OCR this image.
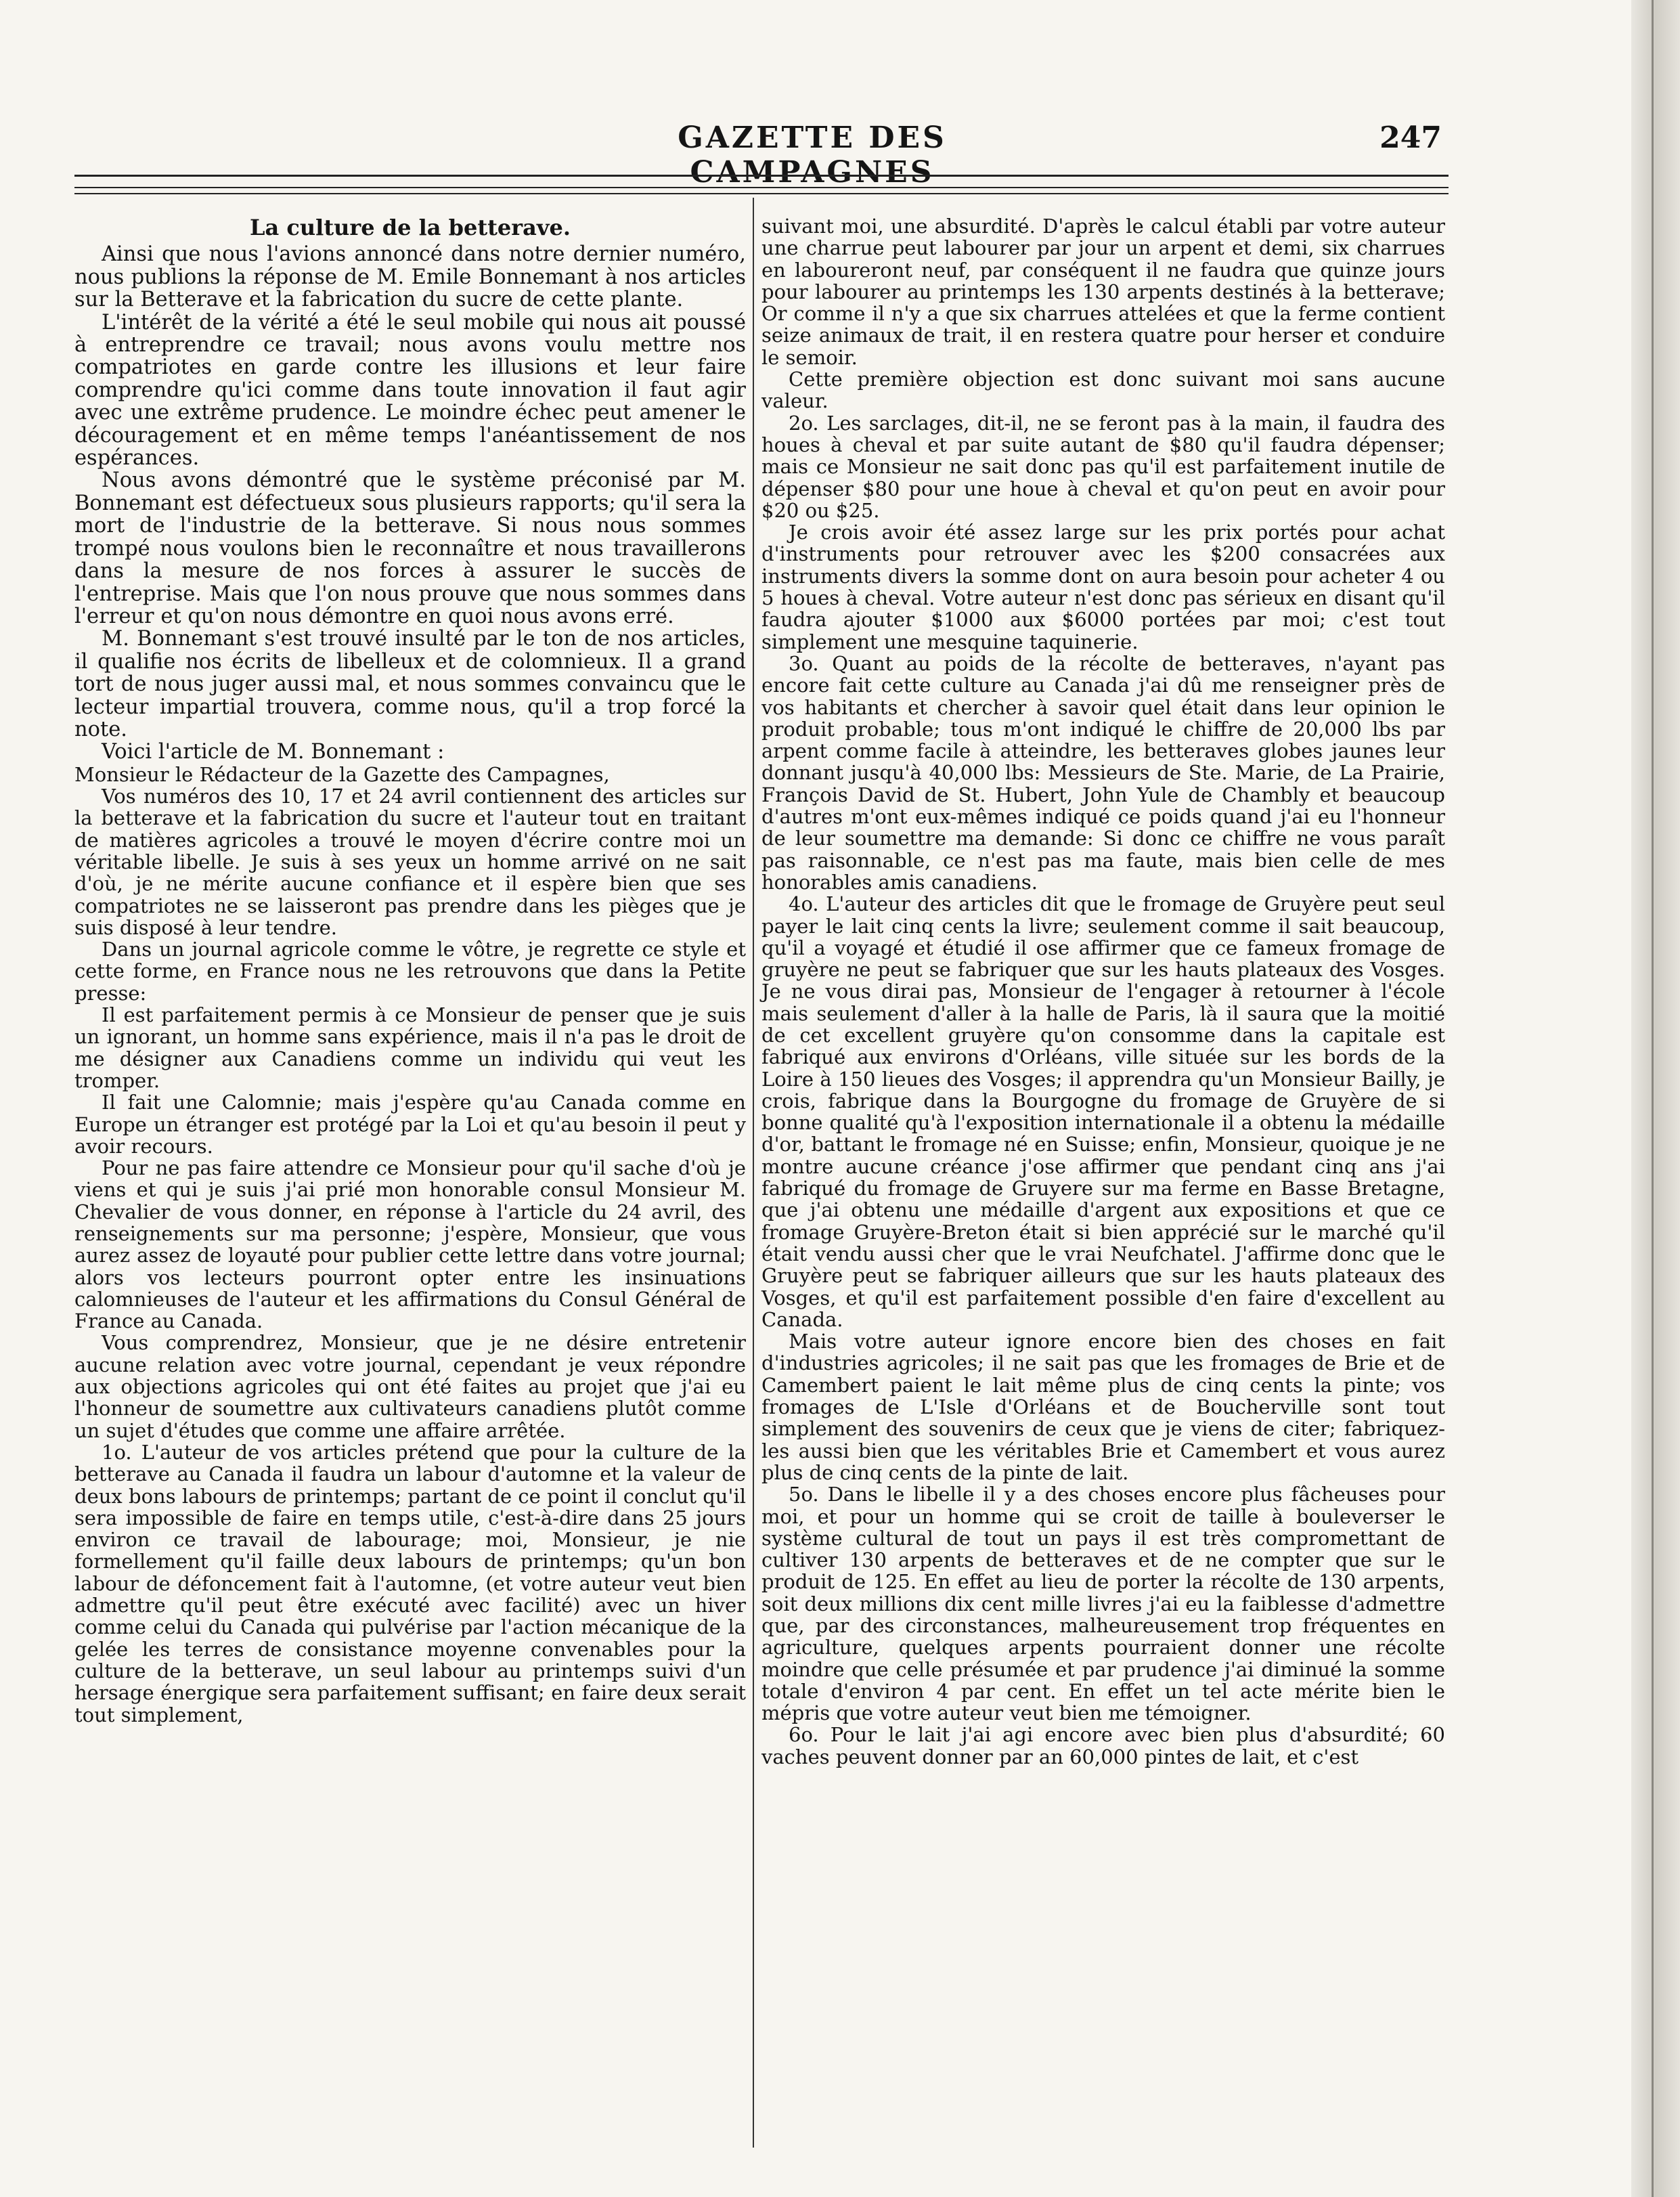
GAZETTE DES CAMPAGNES
247

La culture de la betterave.

Ainsi que nous l'avions annoncé dans notre dernier numéro, nous publions la réponse de M. Emile Bonnemant à nos articles sur la Betterave et la fabrication du sucre de cette plante.

L'intérêt de la vérité a été le seul mobile qui nous ait poussé à entreprendre ce travail; nous avons voulu mettre nos compatriotes en garde contre les illusions et leur faire comprendre qu'ici comme dans toute innovation il faut agir avec une extrême prudence. Le moindre échec peut amener le découragement et en même temps l'anéantissement de nos espérances.

Nous avons démontré que le système préconisé par M. Bonnemant est défectueux sous plusieurs rapports; qu'il sera la mort de l'industrie de la betterave. Si nous nous sommes trompé nous voulons bien le reconnaître et nous travaillerons dans la mesure de nos forces à assurer le succès de l'entreprise. Mais que l'on nous prouve que nous sommes dans l'erreur et qu'on nous démontre en quoi nous avons erré.

M. Bonnemant s'est trouvé insulté par le ton de nos articles, il qualifie nos écrits de libelleux et de colomnieux. Il a grand tort de nous juger aussi mal, et nous sommes convaincu que le lecteur impartial trouvera, comme nous, qu'il a trop forcé la note.

Voici l'article de M. Bonnemant :

Monsieur le Rédacteur de la Gazette des Campagnes,

Vos numéros des 10, 17 et 24 avril contiennent des articles sur la betterave et la fabrication du sucre et l'auteur tout en traitant de matières agricoles a trouvé le moyen d'écrire contre moi un véritable libelle. Je suis à ses yeux un homme arrivé on ne sait d'où, je ne mérite aucune confiance et il espère bien que ses compatriotes ne se laisseront pas prendre dans les pièges que je suis disposé à leur tendre.

Dans un journal agricole comme le vôtre, je regrette ce style et cette forme, en France nous ne les retrouvons que dans la Petite presse:

Il est parfaitement permis à ce Monsieur de penser que je suis un ignorant, un homme sans expérience, mais il n'a pas le droit de me désigner aux Canadiens comme un individu qui veut les tromper.

Il fait une Calomnie; mais j'espère qu'au Canada comme en Europe un étranger est protégé par la Loi et qu'au besoin il peut y avoir recours.

Pour ne pas faire attendre ce Monsieur pour qu'il sache d'où je viens et qui je suis j'ai prié mon honorable consul Monsieur M. Chevalier de vous donner, en réponse à l'article du 24 avril, des renseignements sur ma personne; j'espère, Monsieur, que vous aurez assez de loyauté pour publier cette lettre dans votre journal; alors vos lecteurs pourront opter entre les insinuations calomnieuses de l'auteur et les affirmations du Consul Général de France au Canada.

Vous comprendrez, Monsieur, que je ne désire entretenir aucune relation avec votre journal, cependant je veux répondre aux objections agricoles qui ont été faites au projet que j'ai eu l'honneur de soumettre aux cultivateurs canadiens plutôt comme un sujet d'études que comme une affaire arrêtée.

1o. L'auteur de vos articles prétend que pour la culture de la betterave au Canada il faudra un labour d'automne et la valeur de deux bons labours de printemps; partant de ce point il conclut qu'il sera impossible de faire en temps utile, c'est-à-dire dans 25 jours environ ce travail de labourage; moi, Monsieur, je nie formellement qu'il faille deux labours de printemps; qu'un bon labour de défoncement fait à l'automne, (et votre auteur veut bien admettre qu'il peut être exécuté avec facilité) avec un hiver comme celui du Canada qui pulvérise par l'action mécanique de la gelée les terres de consistance moyenne convenables pour la culture de la betterave, un seul labour au printemps suivi d'un hersage énergique sera parfaitement suffisant; en faire deux serait tout simplement,

suivant moi, une absurdité. D'après le calcul établi par votre auteur une charrue peut labourer par jour un arpent et demi, six charrues en laboureront neuf, par conséquent il ne faudra que quinze jours pour labourer au printemps les 130 arpents destinés à la betterave; Or comme il n'y a que six charrues attelées et que la ferme contient seize animaux de trait, il en restera quatre pour herser et conduire le semoir.

Cette première objection est donc suivant moi sans aucune valeur.

2o. Les sarclages, dit-il, ne se feront pas à la main, il faudra des houes à cheval et par suite autant de $80 qu'il faudra dépenser; mais ce Monsieur ne sait donc pas qu'il est parfaitement inutile de dépenser $80 pour une houe à cheval et qu'on peut en avoir pour $20 ou $25.

Je crois avoir été assez large sur les prix portés pour achat d'instruments pour retrouver avec les $200 consacrées aux instruments divers la somme dont on aura besoin pour acheter 4 ou 5 houes à cheval. Votre auteur n'est donc pas sérieux en disant qu'il faudra ajouter $1000 aux $6000 portées par moi; c'est tout simplement une mesquine taquinerie.

3o. Quant au poids de la récolte de betteraves, n'ayant pas encore fait cette culture au Canada j'ai dû me renseigner près de vos habitants et chercher à savoir quel était dans leur opinion le produit probable; tous m'ont indiqué le chiffre de 20,000 lbs par arpent comme facile à atteindre, les betteraves globes jaunes leur donnant jusqu'à 40,000 lbs: Messieurs de Ste. Marie, de La Prairie, François David de St. Hubert, John Yule de Chambly et beaucoup d'autres m'ont eux-mêmes indiqué ce poids quand j'ai eu l'honneur de leur soumettre ma demande: Si donc ce chiffre ne vous paraît pas raisonnable, ce n'est pas ma faute, mais bien celle de mes honorables amis canadiens.

4o. L'auteur des articles dit que le fromage de Gruyère peut seul payer le lait cinq cents la livre; seulement comme il sait beaucoup, qu'il a voyagé et étudié il ose affirmer que ce fameux fromage de gruyère ne peut se fabriquer que sur les hauts plateaux des Vosges. Je ne vous dirai pas, Monsieur de l'engager à retourner à l'école mais seulement d'aller à la halle de Paris, là il saura que la moitié de cet excellent gruyère qu'on consomme dans la capitale est fabriqué aux environs d'Orléans, ville située sur les bords de la Loire à 150 lieues des Vosges; il apprendra qu'un Monsieur Bailly, je crois, fabrique dans la Bourgogne du fromage de Gruyère de si bonne qualité qu'à l'exposition internationale il a obtenu la médaille d'or, battant le fromage né en Suisse; enfin, Monsieur, quoique je ne montre aucune créance j'ose affirmer que pendant cinq ans j'ai fabriqué du fromage de Gruyere sur ma ferme en Basse Bretagne, que j'ai obtenu une médaille d'argent aux expositions et que ce fromage Gruyère-Breton était si bien apprécié sur le marché qu'il était vendu aussi cher que le vrai Neufchatel. J'affirme donc que le Gruyère peut se fabriquer ailleurs que sur les hauts plateaux des Vosges, et qu'il est parfaitement possible d'en faire d'excellent au Canada.

Mais votre auteur ignore encore bien des choses en fait d'industries agricoles; il ne sait pas que les fromages de Brie et de Camembert paient le lait même plus de cinq cents la pinte; vos fromages de L'Isle d'Orléans et de Boucherville sont tout simplement des souvenirs de ceux que je viens de citer; fabriquez-les aussi bien que les véritables Brie et Camembert et vous aurez plus de cinq cents de la pinte de lait.

5o. Dans le libelle il y a des choses encore plus fâcheuses pour moi, et pour un homme qui se croit de taille à bouleverser le système cultural de tout un pays il est très compromettant de cultiver 130 arpents de betteraves et de ne compter que sur le produit de 125. En effet au lieu de porter la récolte de 130 arpents, soit deux millions dix cent mille livres j'ai eu la faiblesse d'admettre que, par des circonstances, malheureusement trop fréquentes en agriculture, quelques arpents pourraient donner une récolte moindre que celle présumée et par prudence j'ai diminué la somme totale d'environ 4 par cent. En effet un tel acte mérite bien le mépris que votre auteur veut bien me témoigner.

6o. Pour le lait j'ai agi encore avec bien plus d'absurdité; 60 vaches peuvent donner par an 60,000 pintes de lait, et c'est
